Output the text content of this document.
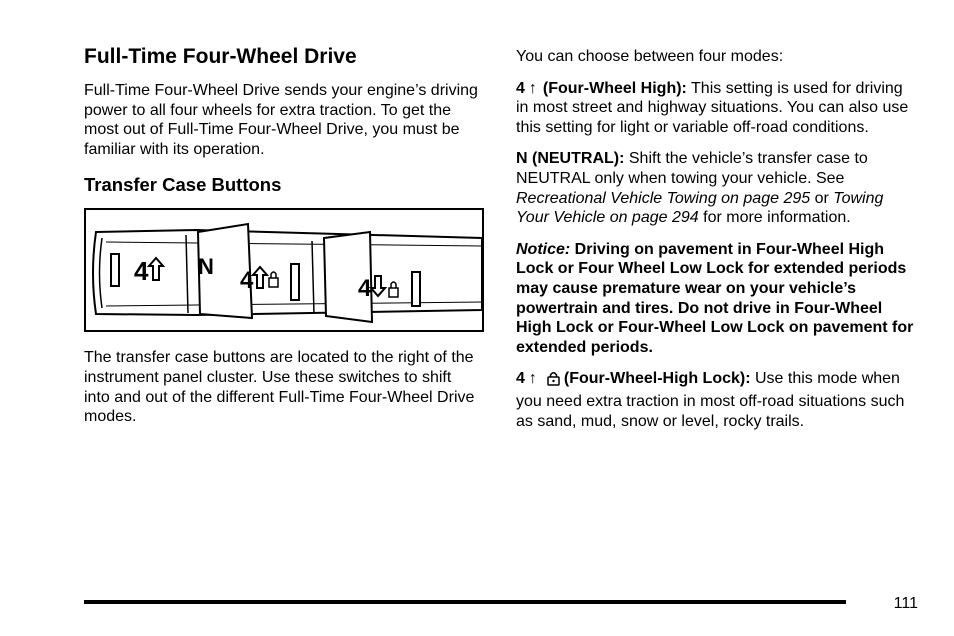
Full-Time Four-Wheel Drive

Full-Time Four-Wheel Drive sends your engine’s driving power to all four wheels for extra traction. To get the most out of Full-Time Four-Wheel Drive, you must be familiar with its operation.

Transfer Case Buttons
4 N
4	4

The transfer case buttons are located to the right of the instrument panel cluster. Use these switches to shift into and out of the different Full-Time Four-Wheel Drive modes.

You can choose between four modes:

4 ↑ (Four-Wheel High): This setting is used for driving in most street and highway situations. You can also use this setting for light or variable off-road conditions.

N (NEUTRAL): Shift the vehicle’s transfer case to NEUTRAL only when towing your vehicle. See Recreational Vehicle Towing on page 295 or Towing Your Vehicle on page 294 for more information.

Notice: Driving on pavement in Four-Wheel High Lock or Four Wheel Low Lock for extended periods may cause premature wear on your vehicle’s powertrain and tires. Do not drive in Four-Wheel High Lock or Four-Wheel Low Lock on pavement for extended periods.

4 ↑ (Four-Wheel-High Lock): Use this mode when you need extra traction in most off-road situations such as sand, mud, snow or level, rocky trails.

111
